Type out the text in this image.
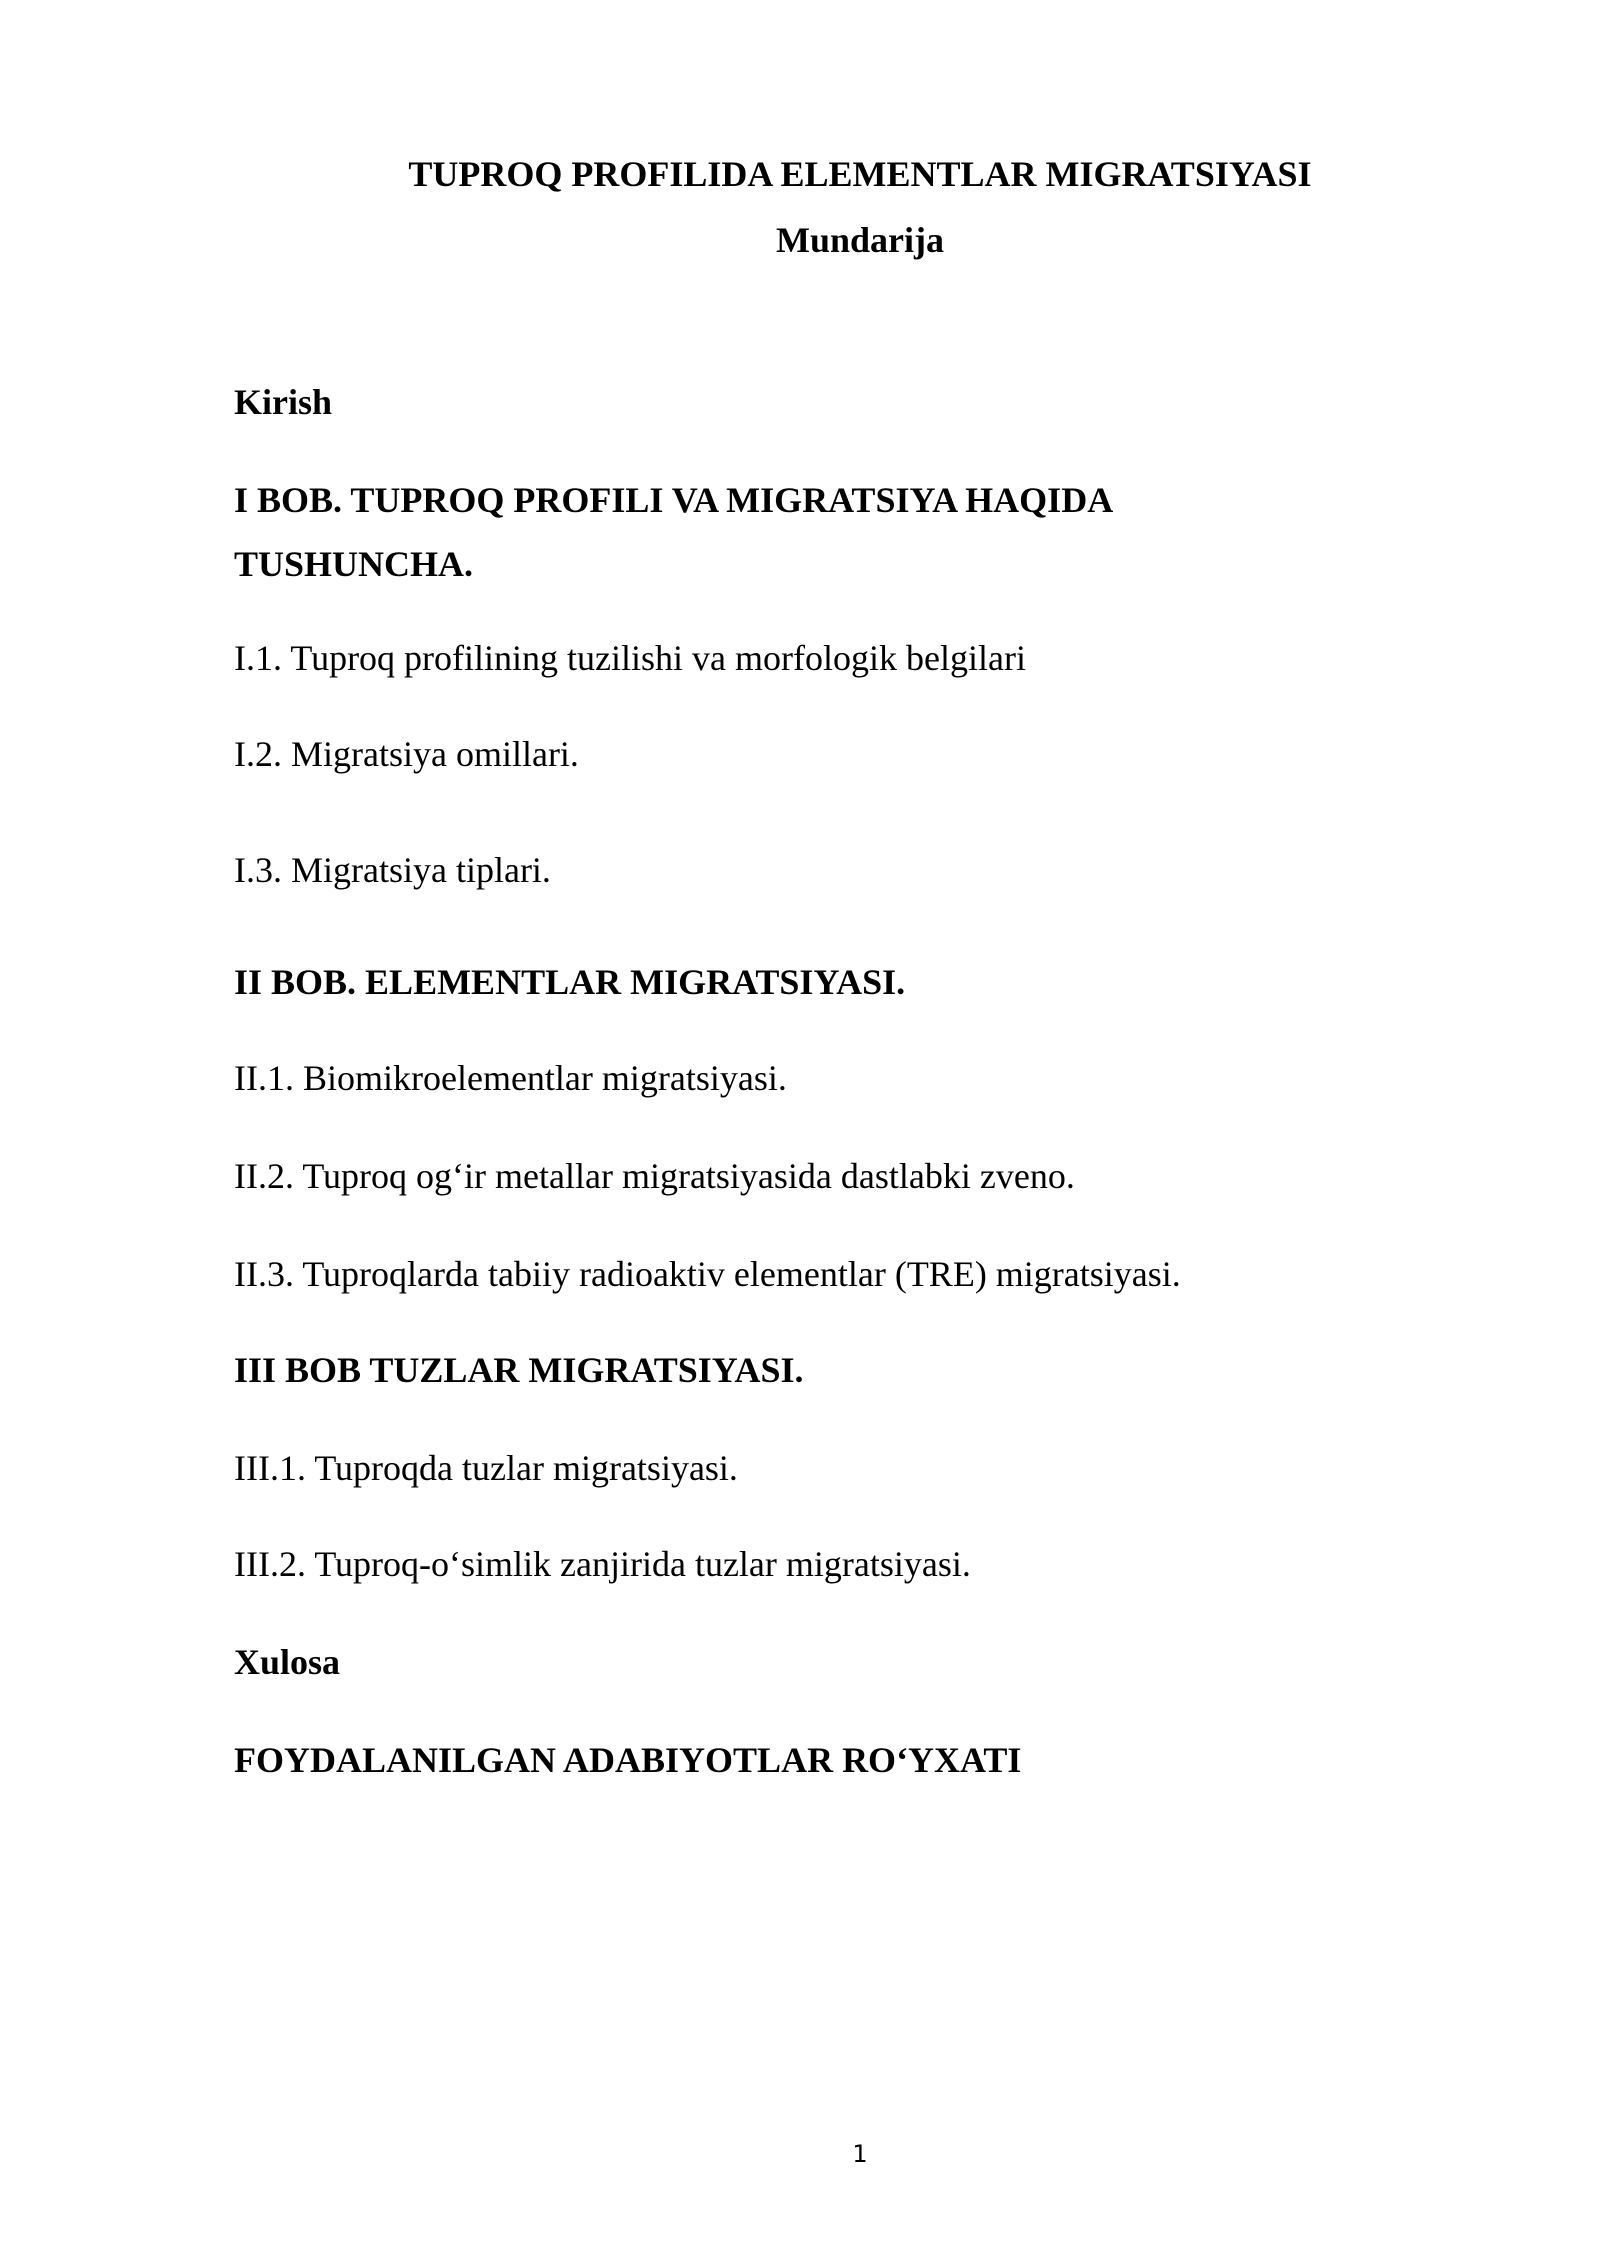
TUPROQ PROFILIDA ELEMENTLAR MIGRATSIYASI
Mundarija

Kirish

I BOB. TUPROQ PROFILI VA MIGRATSIYA HAQIDA TUSHUNCHA.

I.1. Tuproq profilining tuzilishi va morfologik belgilari

I.2. Migratsiya omillari.

I.3. Migratsiya tiplari.

II BOB. ELEMENTLAR MIGRATSIYASI.

II.1. Biomikroelementlar migratsiyasi.

II.2. Tuproq og‘ir metallar migratsiyasida dastlabki zveno.

II.3. Tuproqlarda tabiiy radioaktiv elementlar (TRE) migratsiyasi.

III BOB TUZLAR MIGRATSIYASI.

III.1. Tuproqda tuzlar migratsiyasi.

III.2. Tuproq-o‘simlik zanjirida tuzlar migratsiyasi.

Xulosa

FOYDALANILGAN ADABIYOTLAR RO‘YXATI

1
